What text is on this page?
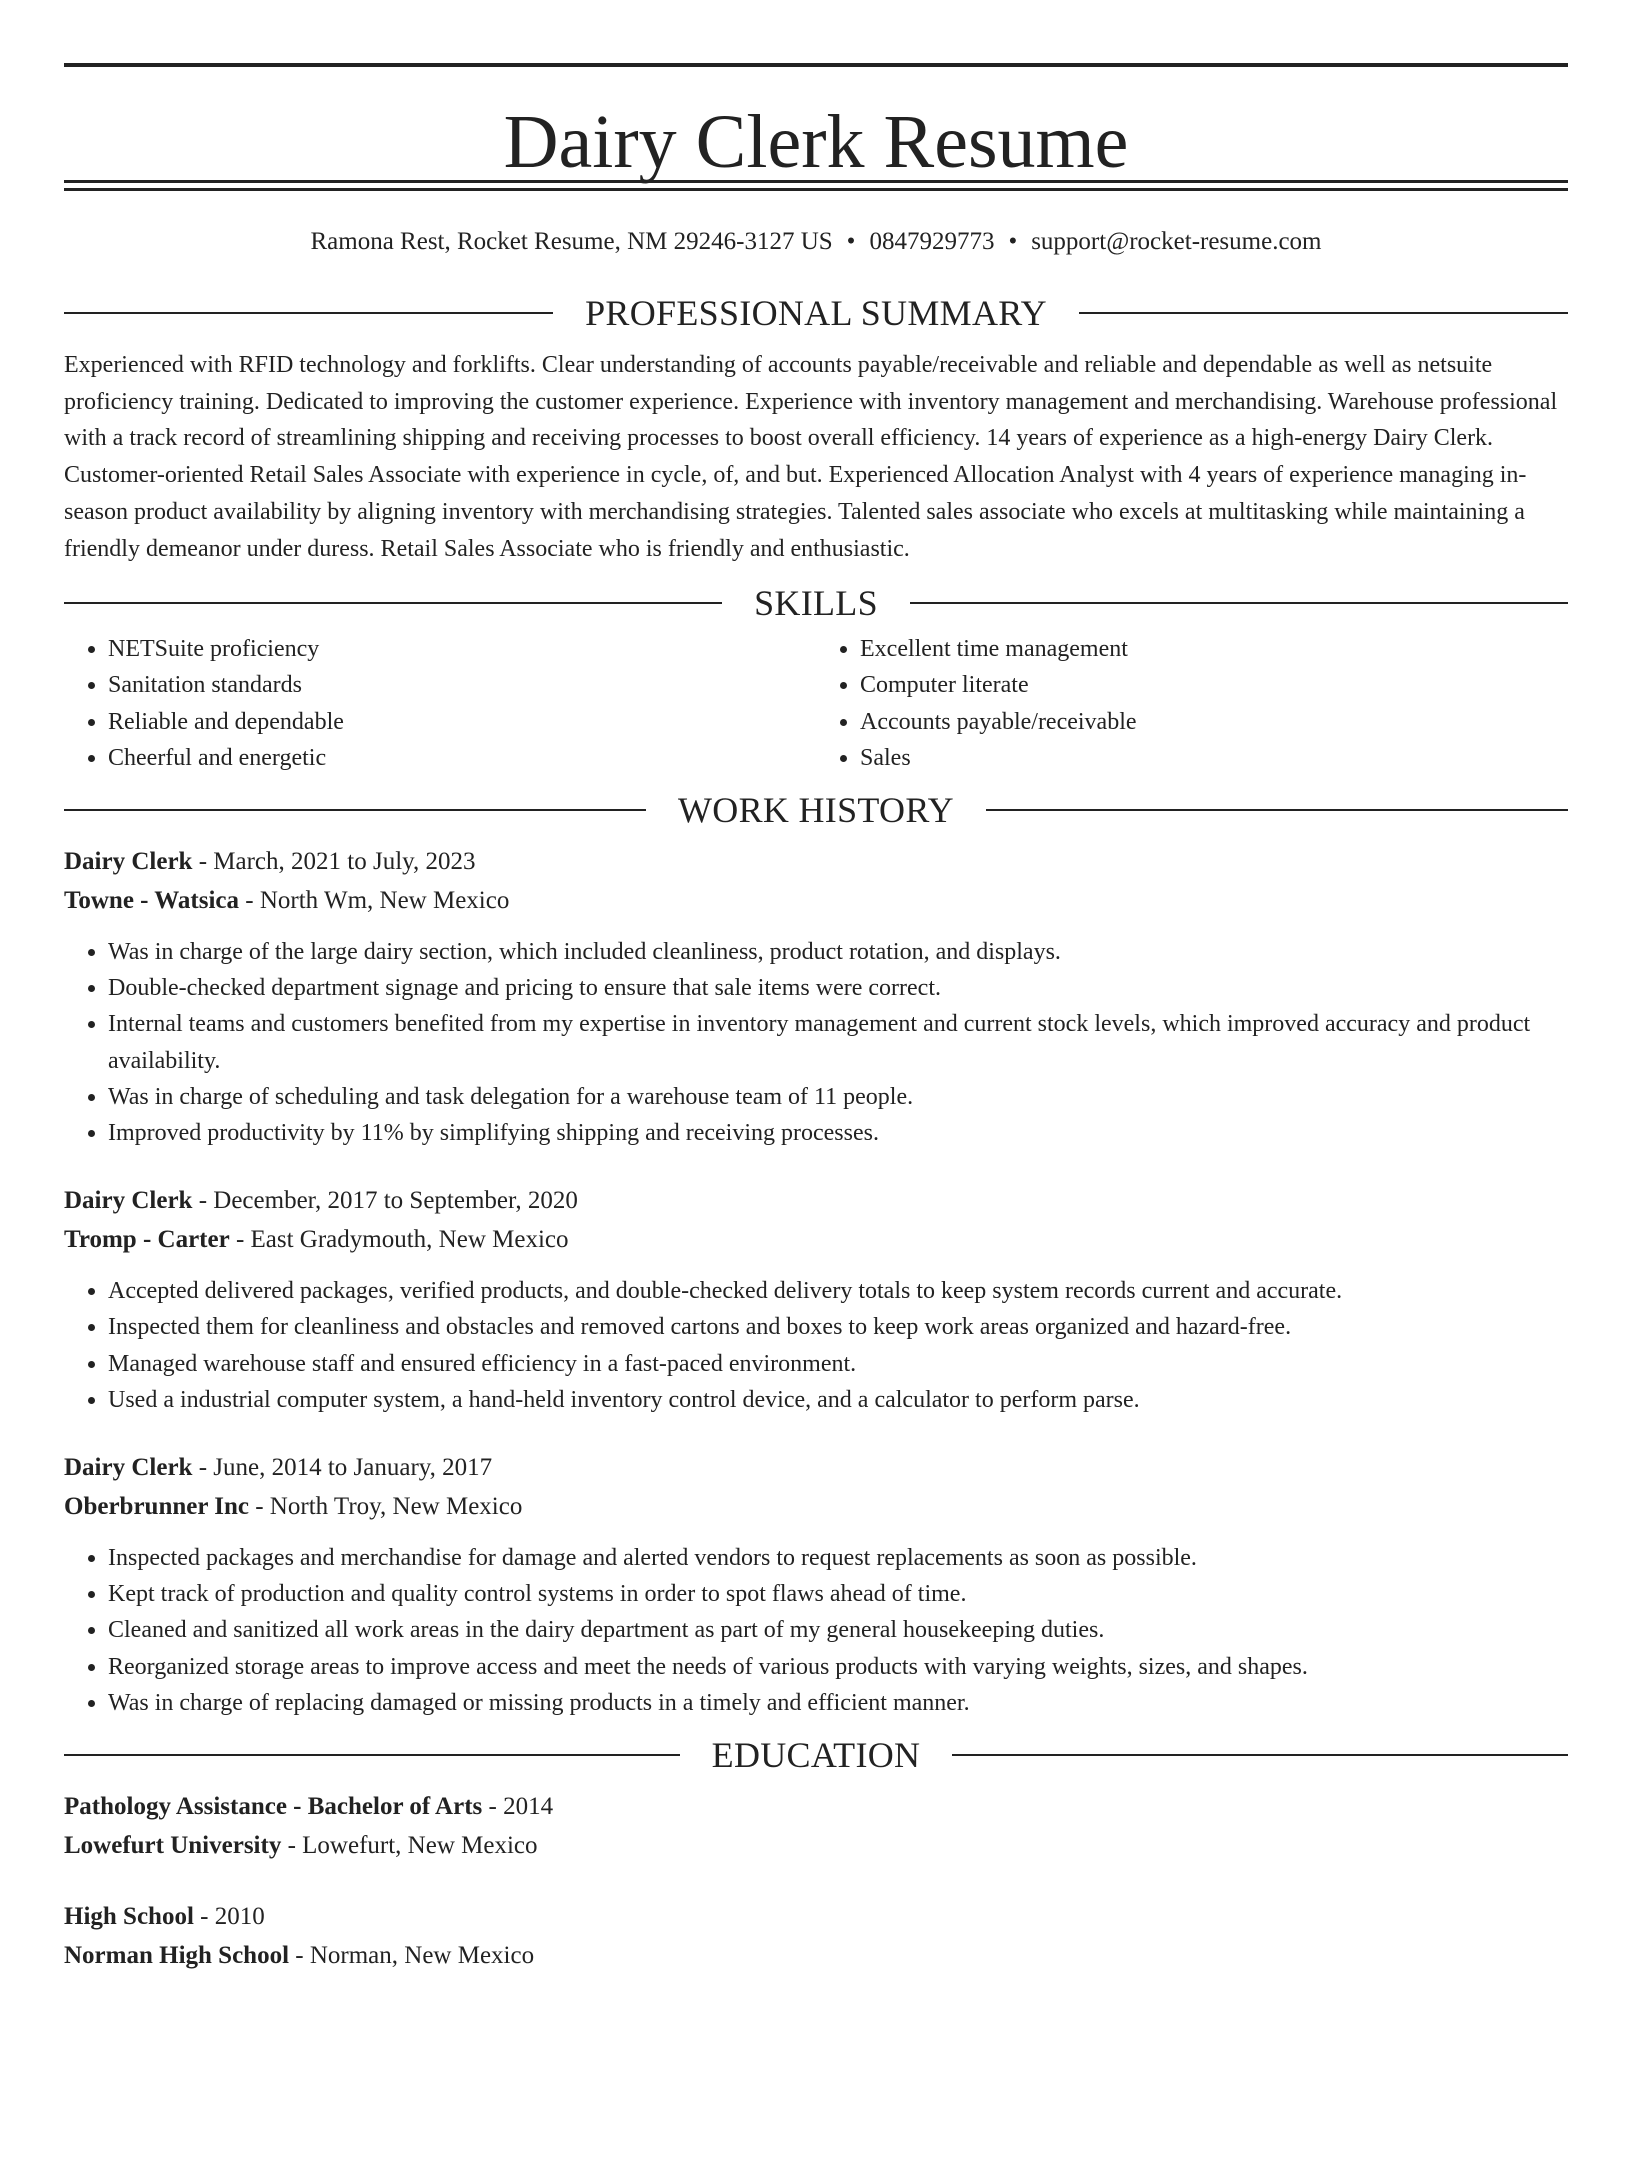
Dairy Clerk Resume
Ramona Rest, Rocket Resume, NM 29246-3127 US • 0847929773 • support@rocket-resume.com
PROFESSIONAL SUMMARY

Experienced with RFID technology and forklifts. Clear understanding of accounts payable/receivable and reliable and dependable as well as netsuite proficiency training. Dedicated to improving the customer experience. Experience with inventory management and merchandising. Warehouse professional with a track record of streamlining shipping and receiving processes to boost overall efficiency. 14 years of experience as a high-energy Dairy Clerk. Customer-oriented Retail Sales Associate with experience in cycle, of, and but. Experienced Allocation Analyst with 4 years of experience managing in-season product availability by aligning inventory with merchandising strategies. Talented sales associate who excels at multitasking while maintaining a friendly demeanor under duress. Retail Sales Associate who is friendly and enthusiastic.

SKILLS
• NETSuite proficiency
• Sanitation standards
• Reliable and dependable
• Cheerful and energetic
• Excellent time management
• Computer literate
• Accounts payable/receivable
• Sales
WORK HISTORY
Dairy Clerk - March, 2021 to July, 2023
Towne - Watsica - North Wm, New Mexico
• Was in charge of the large dairy section, which included cleanliness, product rotation, and displays.
• Double-checked department signage and pricing to ensure that sale items were correct.
• Internal teams and customers benefited from my expertise in inventory management and current stock levels, which improved accuracy and product availability.
• Was in charge of scheduling and task delegation for a warehouse team of 11 people.
• Improved productivity by 11% by simplifying shipping and receiving processes.
Dairy Clerk - December, 2017 to September, 2020
Tromp - Carter - East Gradymouth, New Mexico
• Accepted delivered packages, verified products, and double-checked delivery totals to keep system records current and accurate.
• Inspected them for cleanliness and obstacles and removed cartons and boxes to keep work areas organized and hazard-free.
• Managed warehouse staff and ensured efficiency in a fast-paced environment.
• Used a industrial computer system, a hand-held inventory control device, and a calculator to perform parse.
Dairy Clerk - June, 2014 to January, 2017
Oberbrunner Inc - North Troy, New Mexico
• Inspected packages and merchandise for damage and alerted vendors to request replacements as soon as possible.
• Kept track of production and quality control systems in order to spot flaws ahead of time.
• Cleaned and sanitized all work areas in the dairy department as part of my general housekeeping duties.
• Reorganized storage areas to improve access and meet the needs of various products with varying weights, sizes, and shapes.
• Was in charge of replacing damaged or missing products in a timely and efficient manner.
EDUCATION
Pathology Assistance - Bachelor of Arts - 2014
Lowefurt University - Lowefurt, New Mexico
High School - 2010
Norman High School - Norman, New Mexico
